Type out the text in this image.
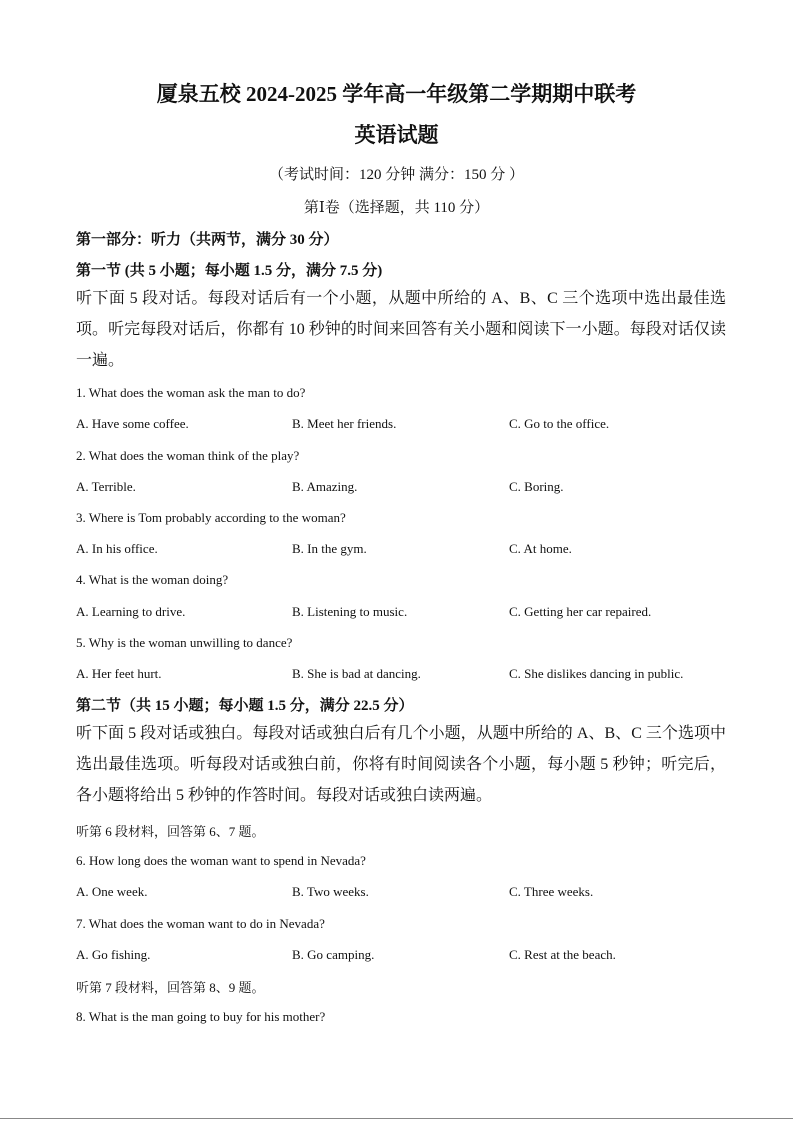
厦泉五校 2024-2025 学年高一年级第二学期期中联考
英语试题
（考试时间：120 分钟 满分：150 分 ）
第Ⅰ卷（选择题，共 110 分）
第一部分：听力（共两节，满分 30 分）
第一节 (共 5 小题；每小题 1.5 分，满分 7.5 分)
听下面 5 段对话。每段对话后有一个小题，从题中所给的 A、B、C 三个选项中选出最佳选项。听完每段对话后，你都有 10 秒钟的时间来回答有关小题和阅读下一小题。每段对话仅读一遍。
1. What does the woman ask the man to do?
A. Have some coffee.	B. Meet her friends.	C. Go to the office.
2. What does the woman think of the play?
A. Terrible.	B. Amazing.	C. Boring.
3. Where is Tom probably according to the woman?
A. In his office.	B. In the gym.	C. At home.
4. What is the woman doing?
A. Learning to drive.	B. Listening to music.	C. Getting her car repaired.
5. Why is the woman unwilling to dance?
A. Her feet hurt.	B. She is bad at dancing.	C. She dislikes dancing in public.
第二节（共 15 小题；每小题 1.5 分，满分 22.5 分）
听下面 5 段对话或独白。每段对话或独白后有几个小题，从题中所给的 A、B、C 三个选项中选出最佳选项。听每段对话或独白前，你将有时间阅读各个小题，每小题 5 秒钟；听完后，各小题将给出 5 秒钟的作答时间。每段对话或独白读两遍。
听第 6 段材料，回答第 6、7 题。
6. How long does the woman want to spend in Nevada?
A. One week.	B. Two weeks.	C. Three weeks.
7. What does the woman want to do in Nevada?
A. Go fishing.	B. Go camping.	C. Rest at the beach.
听第 7 段材料，回答第 8、9 题。
8. What is the man going to buy for his mother?
